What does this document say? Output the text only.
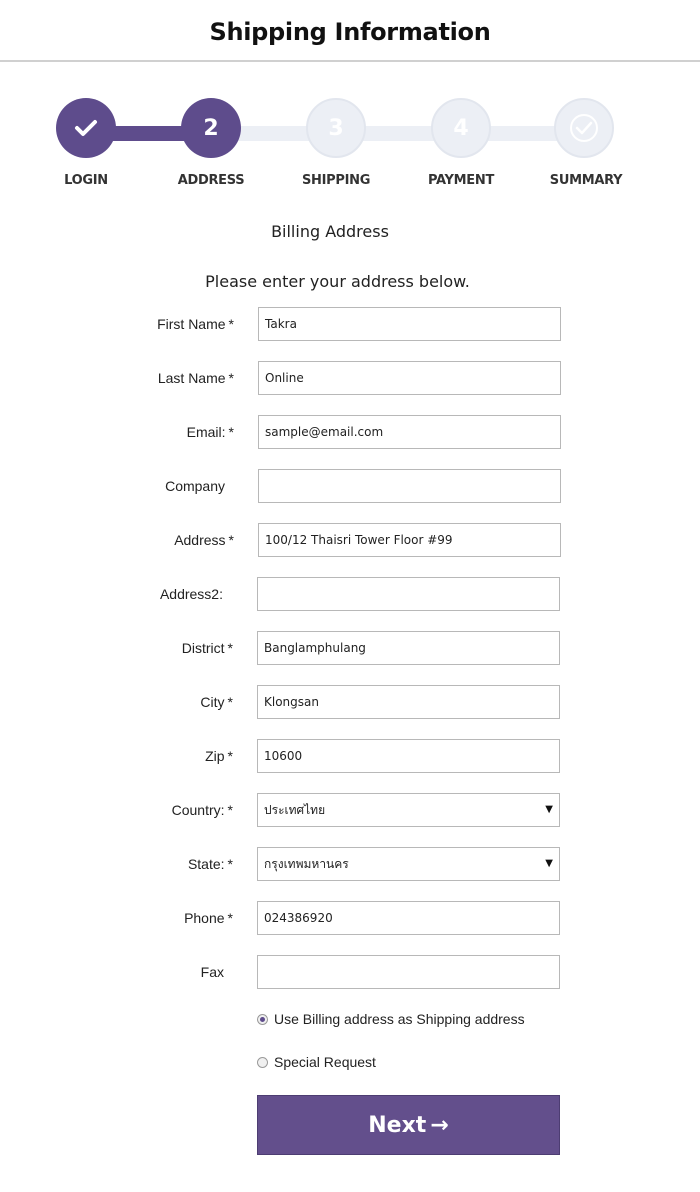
Shipping Information
2	3	4
LOGIN	ADDRESS	SHIPPING	PAYMENT	SUMMARY
Billing Address
Please enter your address below.
First Name *	Takra
Last Name *	Online
Email: *	sample@email.com
Company
Address *	100/12 Thaisri Tower Floor #99
Address2:
District *	Banglamphulang
City *	Klongsan
Zip *	10600
Country: *	ประเทศไทย	▼
State: *	กรุงเทพมหานคร	▼
Phone *	024386920
Fax
Use Billing address as Shipping address
Special Request
Next →
